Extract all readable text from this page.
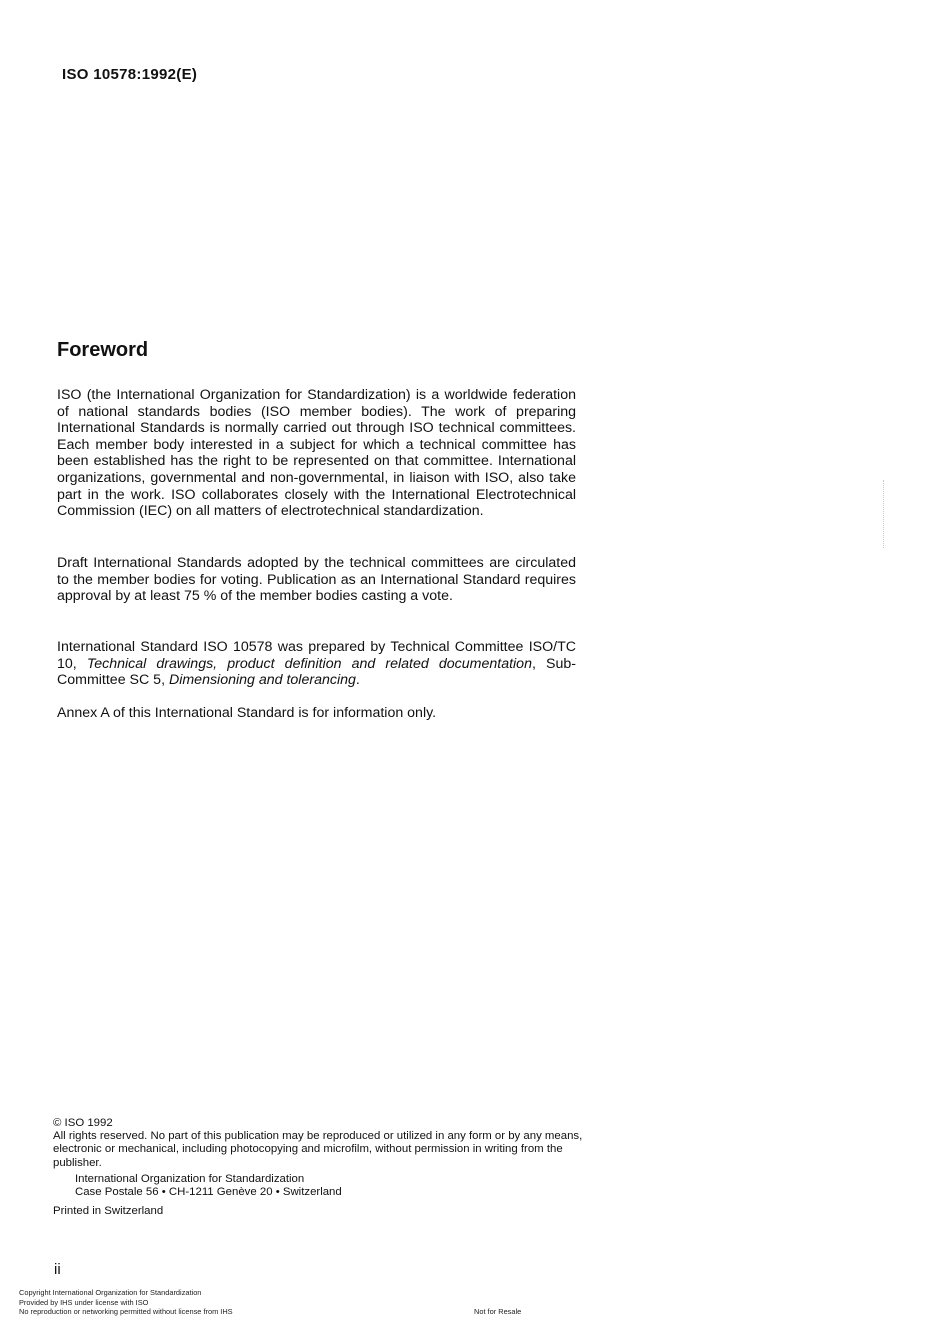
ISO 10578:1992(E)
Foreword

ISO (the International Organization for Standardization) is a worldwide federation of national standards bodies (ISO member bodies). The work of preparing International Standards is normally carried out through ISO technical committees. Each member body interested in a subject for which a technical committee has been established has the right to be represented on that committee. International organizations, governmental and non-governmental, in liaison with ISO, also take part in the work. ISO collaborates closely with the International Electrotechnical Commission (IEC) on all matters of electrotechnical standardization.

Draft International Standards adopted by the technical committees are circulated to the member bodies for voting. Publication as an International Standard requires approval by at least 75 % of the member bodies casting a vote.

International Standard ISO 10578 was prepared by Technical Committee ISO/TC 10, Technical drawings, product definition and related documentation, Sub-Committee SC 5, Dimensioning and tolerancing.

Annex A of this International Standard is for information only.

© ISO 1992
All rights reserved. No part of this publication may be reproduced or utilized in any form or by any means, electronic or mechanical, including photocopying and microfilm, without permission in writing from the publisher.
International Organization for Standardization
Case Postale 56 • CH-1211 Genève 20 • Switzerland
Printed in Switzerland
ii
Copyright International Organization for Standardization
Provided by IHS under license with ISO
No reproduction or networking permitted without license from IHS	Not for Resale
